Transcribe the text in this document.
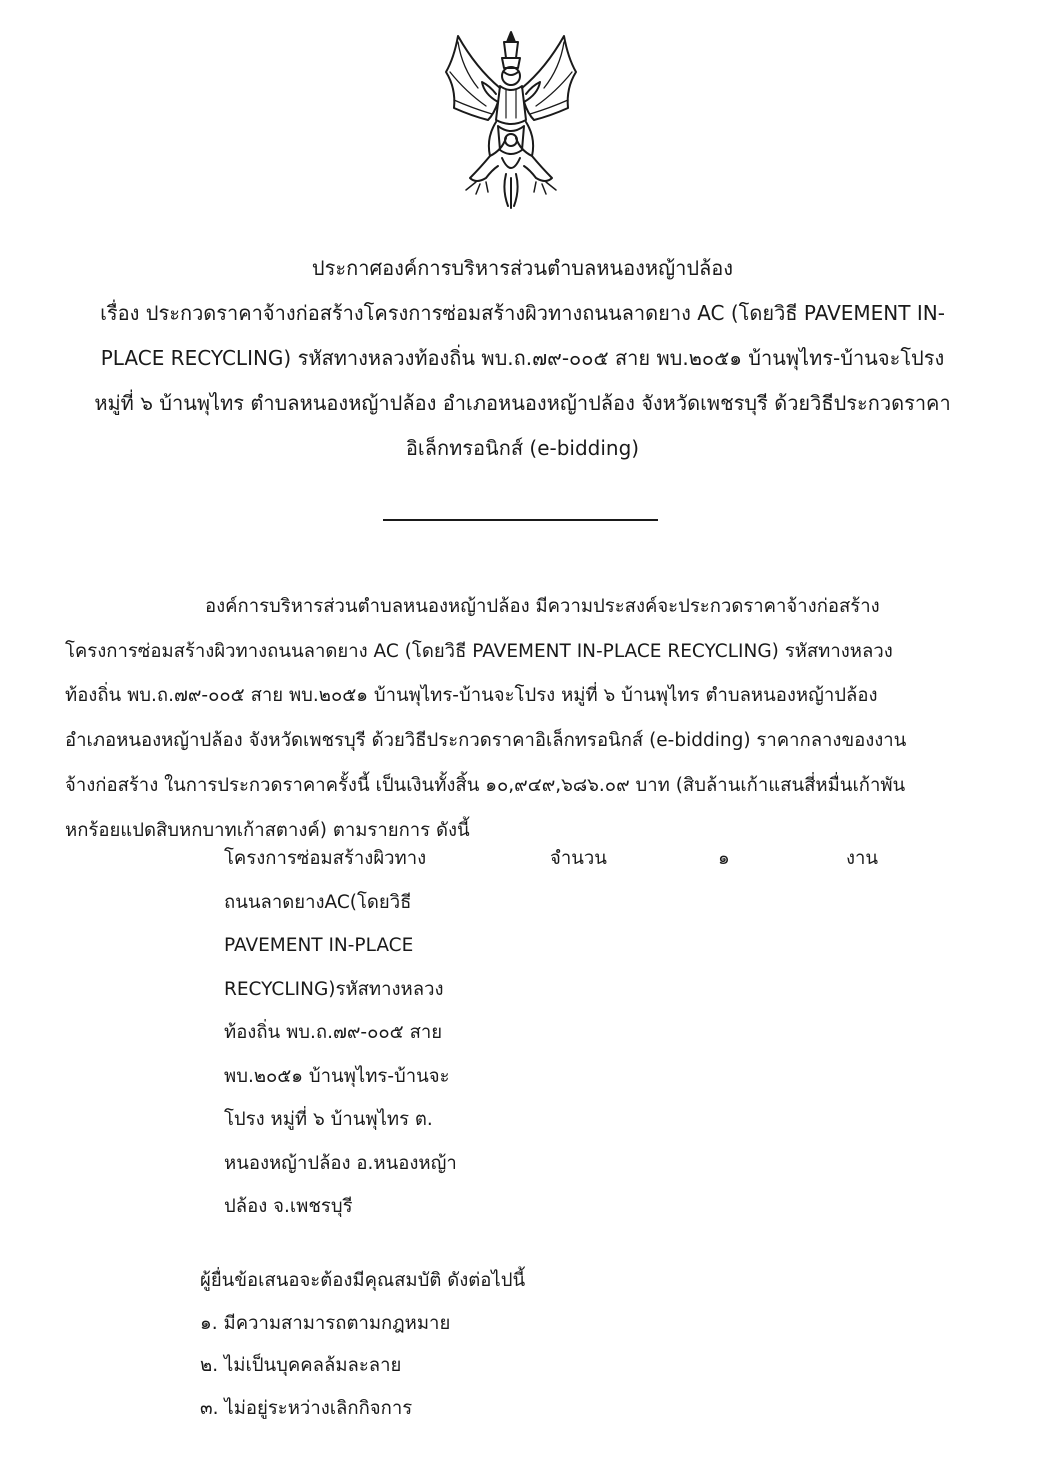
ประกาศองค์การบริหารส่วนตำบลหนองหญ้าปล้อง
เรื่อง ประกวดราคาจ้างก่อสร้างโครงการซ่อมสร้างผิวทางถนนลาดยาง AC (โดยวิธี PAVEMENT IN-
PLACE RECYCLING) รหัสทางหลวงท้องถิ่น พบ.ถ.๗๙-๐๐๕ สาย พบ.๒๐๕๑ บ้านพุไทร-บ้านจะโปรง
หมู่ที่ ๖ บ้านพุไทร ตำบลหนองหญ้าปล้อง อำเภอหนองหญ้าปล้อง จังหวัดเพชรบุรี ด้วยวิธีประกวดราคา
อิเล็กทรอนิกส์ (e-bidding)
องค์การบริหารส่วนตำบลหนองหญ้าปล้อง มีความประสงค์จะประกวดราคาจ้างก่อสร้าง
โครงการซ่อมสร้างผิวทางถนนลาดยาง AC (โดยวิธี PAVEMENT IN-PLACE RECYCLING) รหัสทางหลวง
ท้องถิ่น พบ.ถ.๗๙-๐๐๕ สาย พบ.๒๐๕๑ บ้านพุไทร-บ้านจะโปรง หมู่ที่ ๖ บ้านพุไทร ตำบลหนองหญ้าปล้อง
อำเภอหนองหญ้าปล้อง จังหวัดเพชรบุรี ด้วยวิธีประกวดราคาอิเล็กทรอนิกส์ (e-bidding) ราคากลางของงาน
จ้างก่อสร้าง ในการประกวดราคาครั้งนี้ เป็นเงินทั้งสิ้น ๑๐,๙๔๙,๖๘๖.๐๙ บาท (สิบล้านเก้าแสนสี่หมื่นเก้าพัน
หกร้อยแปดสิบหกบาทเก้าสตางค์) ตามรายการ ดังนี้
โครงการซ่อมสร้างผิวทาง
ถนนลาดยางAC(โดยวิธี
PAVEMENT IN-PLACE
RECYCLING)รหัสทางหลวง
ท้องถิ่น พบ.ถ.๗๙-๐๐๕ สาย
พบ.๒๐๕๑ บ้านพุไทร-บ้านจะ
โปรง หมู่ที่ ๖ บ้านพุไทร ต.
หนองหญ้าปล้อง อ.หนองหญ้า
ปล้อง จ.เพชรบุรี
จำนวน	๑	งาน
ผู้ยื่นข้อเสนอจะต้องมีคุณสมบัติ ดังต่อไปนี้
๑. มีความสามารถตามกฎหมาย
๒. ไม่เป็นบุคคลล้มละลาย
๓. ไม่อยู่ระหว่างเลิกกิจการ
